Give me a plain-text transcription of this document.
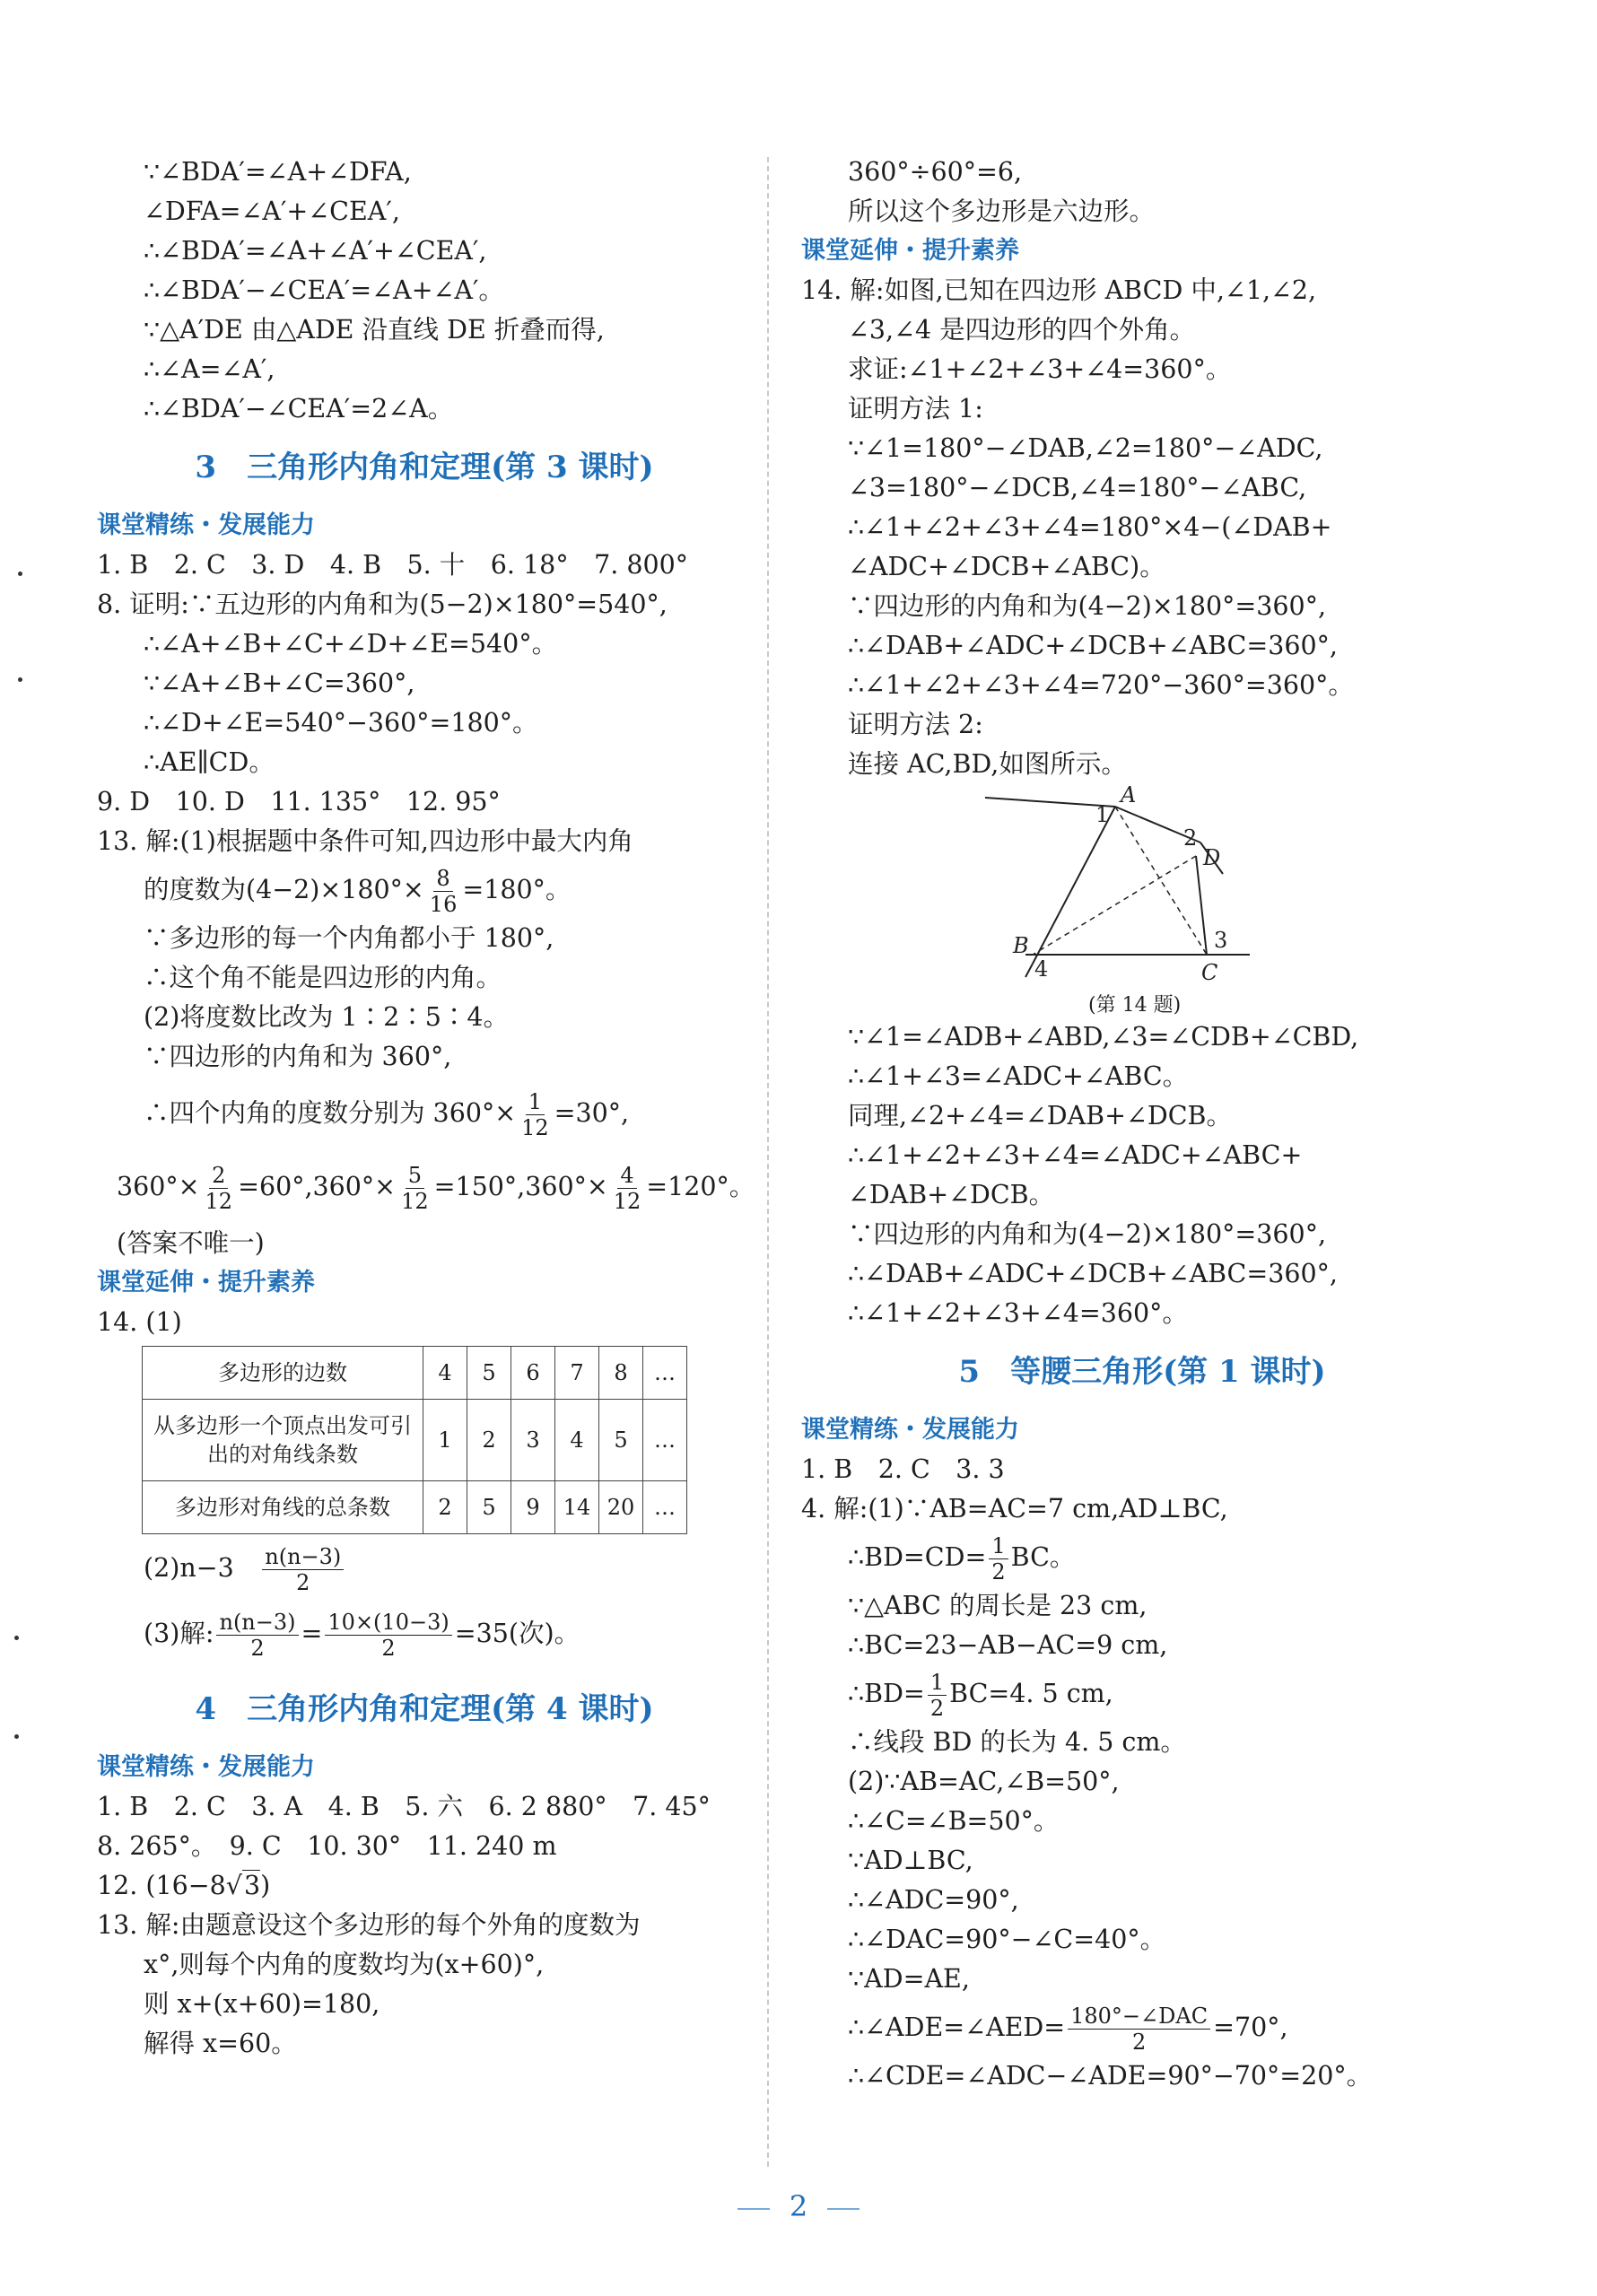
∵∠BDA′=∠A+∠DFA,
∠DFA=∠A′+∠CEA′,
∴∠BDA′=∠A+∠A′+∠CEA′,
∴∠BDA′−∠CEA′=∠A+∠A′。
∵△A′DE 由△ADE 沿直线 DE 折叠而得,
∴∠A=∠A′,
∴∠BDA′−∠CEA′=2∠A。
3　三角形内角和定理(第 3 课时)
课堂精练・发展能力
1. B　2. C　3. D　4. B　5. 十　6. 18°　7. 800°
8. 证明:∵五边形的内角和为(5−2)×180°=540°,
∴∠A+∠B+∠C+∠D+∠E=540°。
∵∠A+∠B+∠C=360°,
∴∠D+∠E=540°−360°=180°。
∴AE∥CD。
9. D　10. D　11. 135°　12. 95°
13. 解:(1)根据题中条件可知,四边形中最大内角
的度数为$(4-2)\times 180^\circ\times \frac{8}{16} =180^\circ$。
∵多边形的每一个内角都小于 180°,
∴这个角不能是四边形的内角。
(2)将度数比改为 1∶2∶5∶4。
∵四边形的内角和为 360°,
∴四个内角的度数分别为 $360^\circ\times \frac{1}{12} =30^\circ$,
$360^\circ\times \frac{2}{12} =60^\circ,360^\circ\times \frac{5}{12} =150^\circ,360^\circ\times \frac{4}{12} =120^\circ$。
(答案不唯一)
课堂延伸・提升素养
14. (1)
多边形的边数	4	5	6	7	8	…
从多边形一个顶点出发可引出的对角线条数	1	2	3	4	5	…
多边形对角线的总条数	2	5	9	14	20	…
(2)n−3　 $\frac{n(n-3)}{2}$
(3)解: $\frac{n(n-3)}{2} = \frac{10\times(10-3)}{2} =35$(次)。
4　三角形内角和定理(第 4 课时)
课堂精练・发展能力
1. B　2. C　3. A　4. B　5. 六　6. 2 880°　7. 45°
8. 265°。　9. C　10. 30°　11. 240 m
12. (16−8√3)
13. 解:由题意设这个多边形的每个外角的度数为
x°,则每个内角的度数均为(x+60)°,
则 x+(x+60)=180,
解得 x=60。
360°÷60°=6,
所以这个多边形是六边形。
课堂延伸・提升素养
14. 解:如图,已知在四边形 ABCD 中,∠1,∠2,
∠3,∠4 是四边形的四个外角。
求证:∠1+∠2+∠3+∠4=360°。
证明方法 1:
∵∠1=180°−∠DAB,∠2=180°−∠ADC,
∠3=180°−∠DCB,∠4=180°−∠ABC,
∴∠1+∠2+∠3+∠4=180°×4−(∠DAB+
∠ADC+∠DCB+∠ABC)。
∵四边形的内角和为(4−2)×180°=360°,
∴∠DAB+∠ADC+∠DCB+∠ABC=360°,
∴∠1+∠2+∠3+∠4=720°−360°=360°。
证明方法 2:
连接 AC,BD,如图所示。
A
1
2
D
3
C
B
4
(第 14 题)
∵∠1=∠ADB+∠ABD,∠3=∠CDB+∠CBD,
∴∠1+∠3=∠ADC+∠ABC。
同理,∠2+∠4=∠DAB+∠DCB。
∴∠1+∠2+∠3+∠4=∠ADC+∠ABC+
∠DAB+∠DCB。
∵四边形的内角和为(4−2)×180°=360°,
∴∠DAB+∠ADC+∠DCB+∠ABC=360°,
∴∠1+∠2+∠3+∠4=360°。
5　等腰三角形(第 1 课时)
课堂精练・发展能力
1. B　2. C　3. 3
4. 解:(1)∵AB=AC=7 cm,AD⊥BC,
∴BD=CD= $\frac{1}{2}$ BC。
∵△ABC 的周长是 23 cm,
∴BC=23−AB−AC=9 cm,
∴BD= $\frac{1}{2} BC=4$. 5 cm,
∴线段 BD 的长为 4. 5 cm。
(2)∵AB=AC,∠B=50°,
∴∠C=∠B=50°。
∵AD⊥BC,
∴∠ADC=90°,
∴∠DAC=90°−∠C=40°。
∵AD=AE,
∴∠ADE=∠AED= $\frac{\text{180°−∠DAC}}{2} =70^\circ$,
∴∠CDE=∠ADC−∠ADE=90°−70°=20°。
2
